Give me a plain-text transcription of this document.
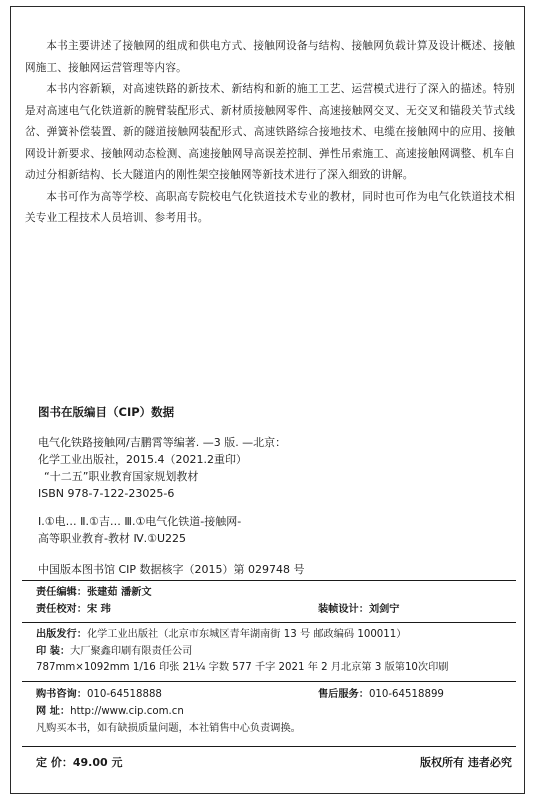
本书主要讲述了接触网的组成和供电方式、接触网设备与结构、接触网负载计算及设计概述、接触网施工、接触网运营管理等内容。

本书内容新颖，对高速铁路的新技术、新结构和新的施工工艺、运营模式进行了深入的描述。特别是对高速电气化铁道新的腕臂装配形式、新材质接触网零件、高速接触网交叉、无交叉和锚段关节式线岔、弹簧补偿装置、新的隧道接触网装配形式、高速铁路综合接地技术、电缆在接触网中的应用、接触网设计新要求、接触网动态检测、高速接触网导高误差控制、弹性吊索施工、高速接触网调整、机车自动过分相新结构、长大隧道内的刚性架空接触网等新技术进行了深入细致的讲解。

本书可作为高等学校、高职高专院校电气化铁道技术专业的教材，同时也可作为电气化铁道技术相关专业工程技术人员培训、参考用书。

图书在版编目（CIP）数据
电气化铁路接触网/吉鹏霄等编著. —3 版. —北京：
化学工业出版社，2015.4（2021.2重印）
“十二五”职业教育国家规划教材
ISBN 978-7-122-23025-6
Ⅰ.①电… Ⅱ.①吉… Ⅲ.①电气化铁道-接触网-
高等职业教育-教材 Ⅳ.①U225
中国版本图书馆 CIP 数据核字（2015）第 029748 号
责任编辑：张建茹 潘新文
责任校对：宋 玮	装帧设计：刘剑宁
出版发行：化学工业出版社（北京市东城区青年湖南街 13 号 邮政编码 100011）
印 装：大厂聚鑫印刷有限责任公司
787mm×1092mm 1/16 印张 21¼ 字数 577 千字 2021 年 2 月北京第 3 版第10次印刷
购书咨询：010-64518888	售后服务：010-64518899
网 址：http://www.cip.com.cn
凡购买本书，如有缺损质量问题，本社销售中心负责调换。
定 价：49.00 元	版权所有 违者必究
